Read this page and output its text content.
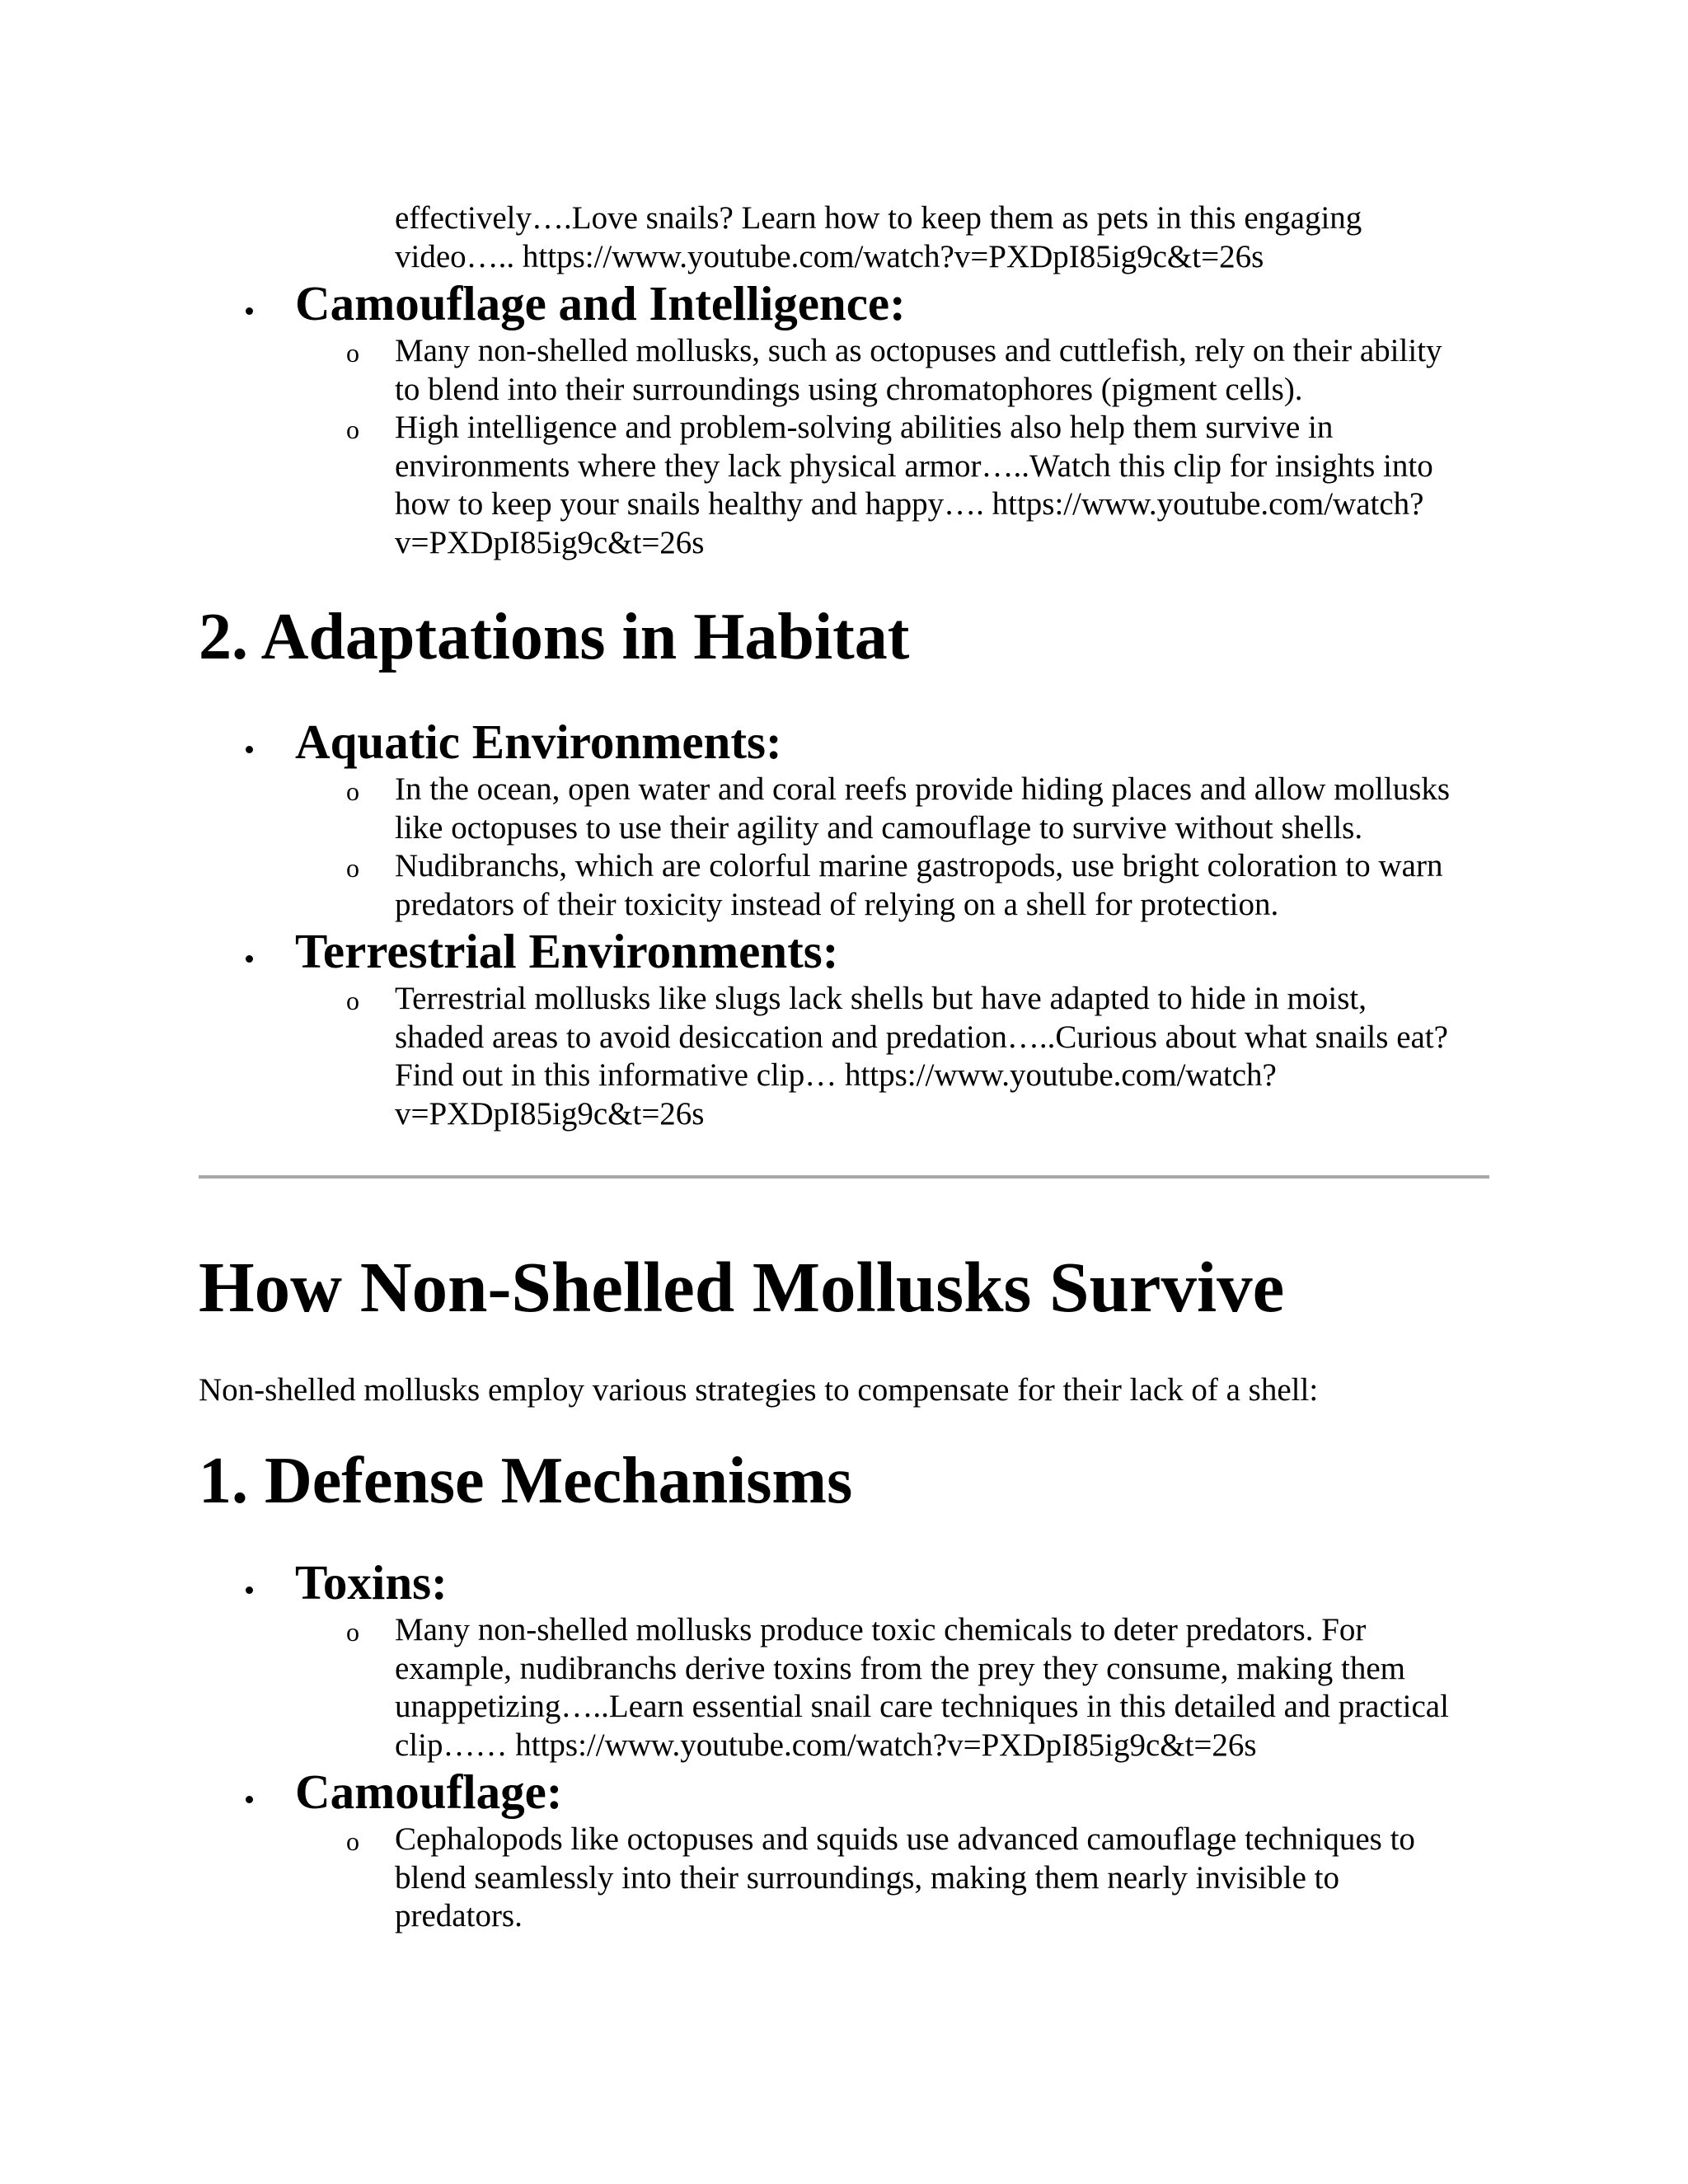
effectively….Love snails? Learn how to keep them as pets in this engaging

video….. https://www.youtube.com/watch?v=PXDpI85ig9c&t=26s

Camouflage and Intelligence:

o Many non-shelled mollusks, such as octopuses and cuttlefish, rely on their ability

to blend into their surroundings using chromatophores (pigment cells).

o High intelligence and problem-solving abilities also help them survive in

environments where they lack physical armor…..Watch this clip for insights into

how to keep your snails healthy and happy…. https://www.youtube.com/watch?

v=PXDpI85ig9c&t=26s

2. Adaptations in Habitat

Aquatic Environments:

o In the ocean, open water and coral reefs provide hiding places and allow mollusks

like octopuses to use their agility and camouflage to survive without shells.

o Nudibranchs, which are colorful marine gastropods, use bright coloration to warn

predators of their toxicity instead of relying on a shell for protection.

Terrestrial Environments:

o Terrestrial mollusks like slugs lack shells but have adapted to hide in moist,

shaded areas to avoid desiccation and predation…..Curious about what snails eat?

Find out in this informative clip… https://www.youtube.com/watch?

v=PXDpI85ig9c&t=26s

How Non-Shelled Mollusks Survive

Non-shelled mollusks employ various strategies to compensate for their lack of a shell:

1. Defense Mechanisms

Toxins:

o Many non-shelled mollusks produce toxic chemicals to deter predators. For

example, nudibranchs derive toxins from the prey they consume, making them

unappetizing…..Learn essential snail care techniques in this detailed and practical

clip…… https://www.youtube.com/watch?v=PXDpI85ig9c&t=26s

Camouflage:

o Cephalopods like octopuses and squids use advanced camouflage techniques to

blend seamlessly into their surroundings, making them nearly invisible to

predators.
